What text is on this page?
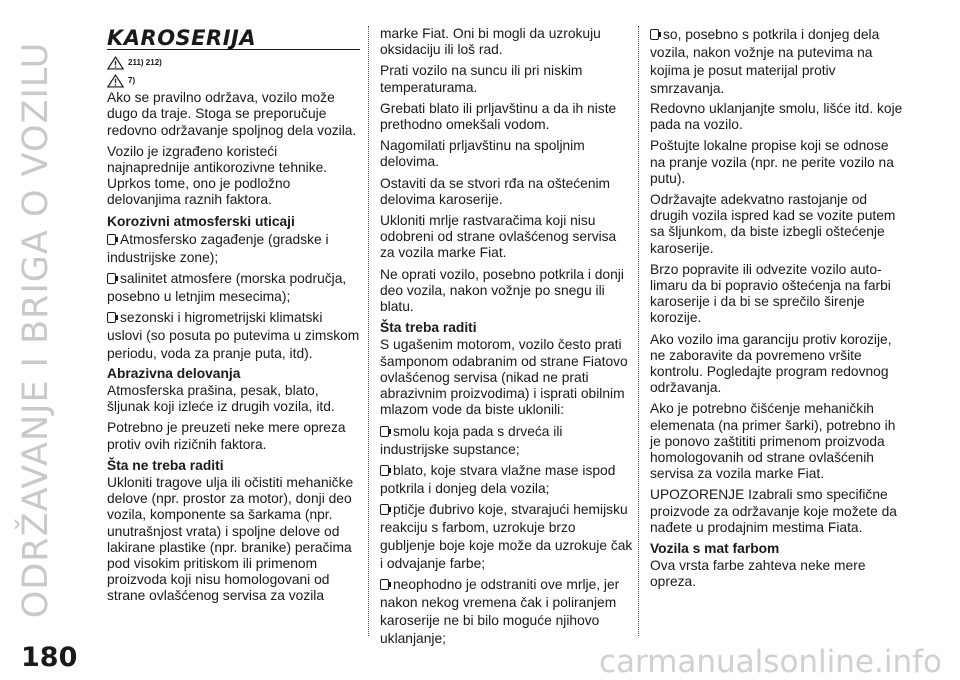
ODRŽAVANJE I BRIGA O VOZILU
180	carmanualsonline.info
KAROSERIJA
211) 212)
7)

Ako se pravilno održava, vozilo može dugo da traje. Stoga se preporučuje redovno održavanje spoljnog dela vozila.

Vozilo je izgrađeno koristeći najnaprednije antikorozivne tehnike. Uprkos tome, ono je podložno delovanjima raznih faktora.

Korozivni atmosferski uticaji
Atmosfersko zagađenje (gradske i industrijske zone);
salinitet atmosfere (morska područja, posebno u letnjim mesecima);
sezonski i higrometrijski klimatski uslovi (so posuta po putevima u zimskom periodu, voda za pranje puta, itd).
Abrazivna delovanja

Atmosferska prašina, pesak, blato, šljunak koji izleće iz drugih vozila, itd.

Potrebno je preuzeti neke mere opreza protiv ovih rizičnih faktora.

Šta ne treba raditi

Ukloniti tragove ulja ili očistiti mehaničke delove (npr. prostor za motor), donji deo vozila, komponente sa šarkama (npr. unutrašnjost vrata) i spoljne delove od lakirane plastike (npr. branike) peračima pod visokim pritiskom ili primenom proizvoda koji nisu homologovani od strane ovlašćenog servisa za vozila

marke Fiat. Oni bi mogli da uzrokuju oksidaciju ili loš rad.

Prati vozilo na suncu ili pri niskim temperaturama.

Grebati blato ili prljavštinu a da ih niste prethodno omekšali vodom.

Nagomilati prljavštinu na spoljnim delovima.

Ostaviti da se stvori rđa na oštećenim delovima karoserije.

Ukloniti mrlje rastvaračima koji nisu odobreni od strane ovlašćenog servisa za vozila marke Fiat.

Ne oprati vozilo, posebno potkrila i donji deo vozila, nakon vožnje po snegu ili blatu.

Šta treba raditi

S ugašenim motorom, vozilo često prati šamponom odabranim od strane Fiatovo ovlašćenog servisa (nikad ne prati abrazivnim proizvodima) i isprati obilnim mlazom vode da biste uklonili:

smolu koja pada s drveća ili industrijske supstance;
blato, koje stvara vlažne mase ispod potkrila i donjeg dela vozila;
ptičje đubrivo koje, stvarajući hemijsku reakciju s farbom, uzrokuje brzo gubljenje boje koje može da uzrokuje čak i odvajanje farbe;
neophodno je odstraniti ove mrlje, jer nakon nekog vremena čak i poliranjem karoserije ne bi bilo moguće njihovo uklanjanje;
so, posebno s potkrila i donjeg dela vozila, nakon vožnje na putevima na kojima je posut materijal protiv smrzavanja.

Redovno uklanjanjte smolu, lišće itd. koje pada na vozilo.

Poštujte lokalne propise koji se odnose na pranje vozila (npr. ne perite vozilo na putu).

Održavajte adekvatno rastojanje od drugih vozila ispred kad se vozite putem sa šljunkom, da biste izbegli oštećenje karoserije.

Brzo popravite ili odvezite vozilo auto-limaru da bi popravio oštećenja na farbi karoserije i da bi se sprečilo širenje korozije.

Ako vozilo ima garanciju protiv korozije, ne zaboravite da povremeno vršite kontrolu. Pogledajte program redovnog održavanja.

Ako je potrebno čišćenje mehaničkih elemenata (na primer šarki), potrebno ih je ponovo zaštititi primenom proizvoda homologovanih od strane ovlašćenih servisa za vozila marke Fiat.

UPOZORENJE Izabrali smo specifične proizvode za održavanje koje možete da nađete u prodajnim mestima Fiata.

Vozila s mat farbom

Ova vrsta farbe zahteva neke mere opreza.
